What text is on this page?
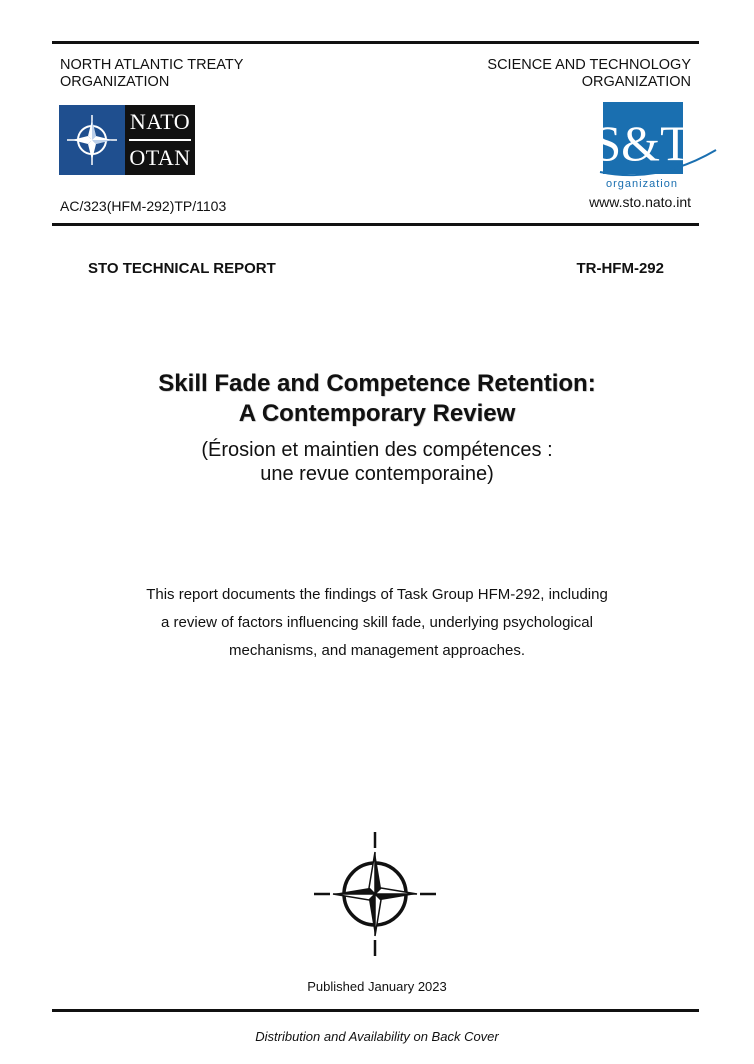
NORTH ATLANTIC TREATY
ORGANIZATION
SCIENCE AND TECHNOLOGY
ORGANIZATION
NATO
OTAN	S&T
organization
AC/323(HFM-292)TP/1103	www.sto.nato.int
STO TECHNICAL REPORT	TR-HFM-292
Skill Fade and Competence Retention:
A Contemporary Review
(Érosion et maintien des compétences :
une revue contemporaine)
This report documents the findings of Task Group HFM-292, including
a review of factors influencing skill fade, underlying psychological
mechanisms, and management approaches.
Published January 2023
Distribution and Availability on Back Cover
